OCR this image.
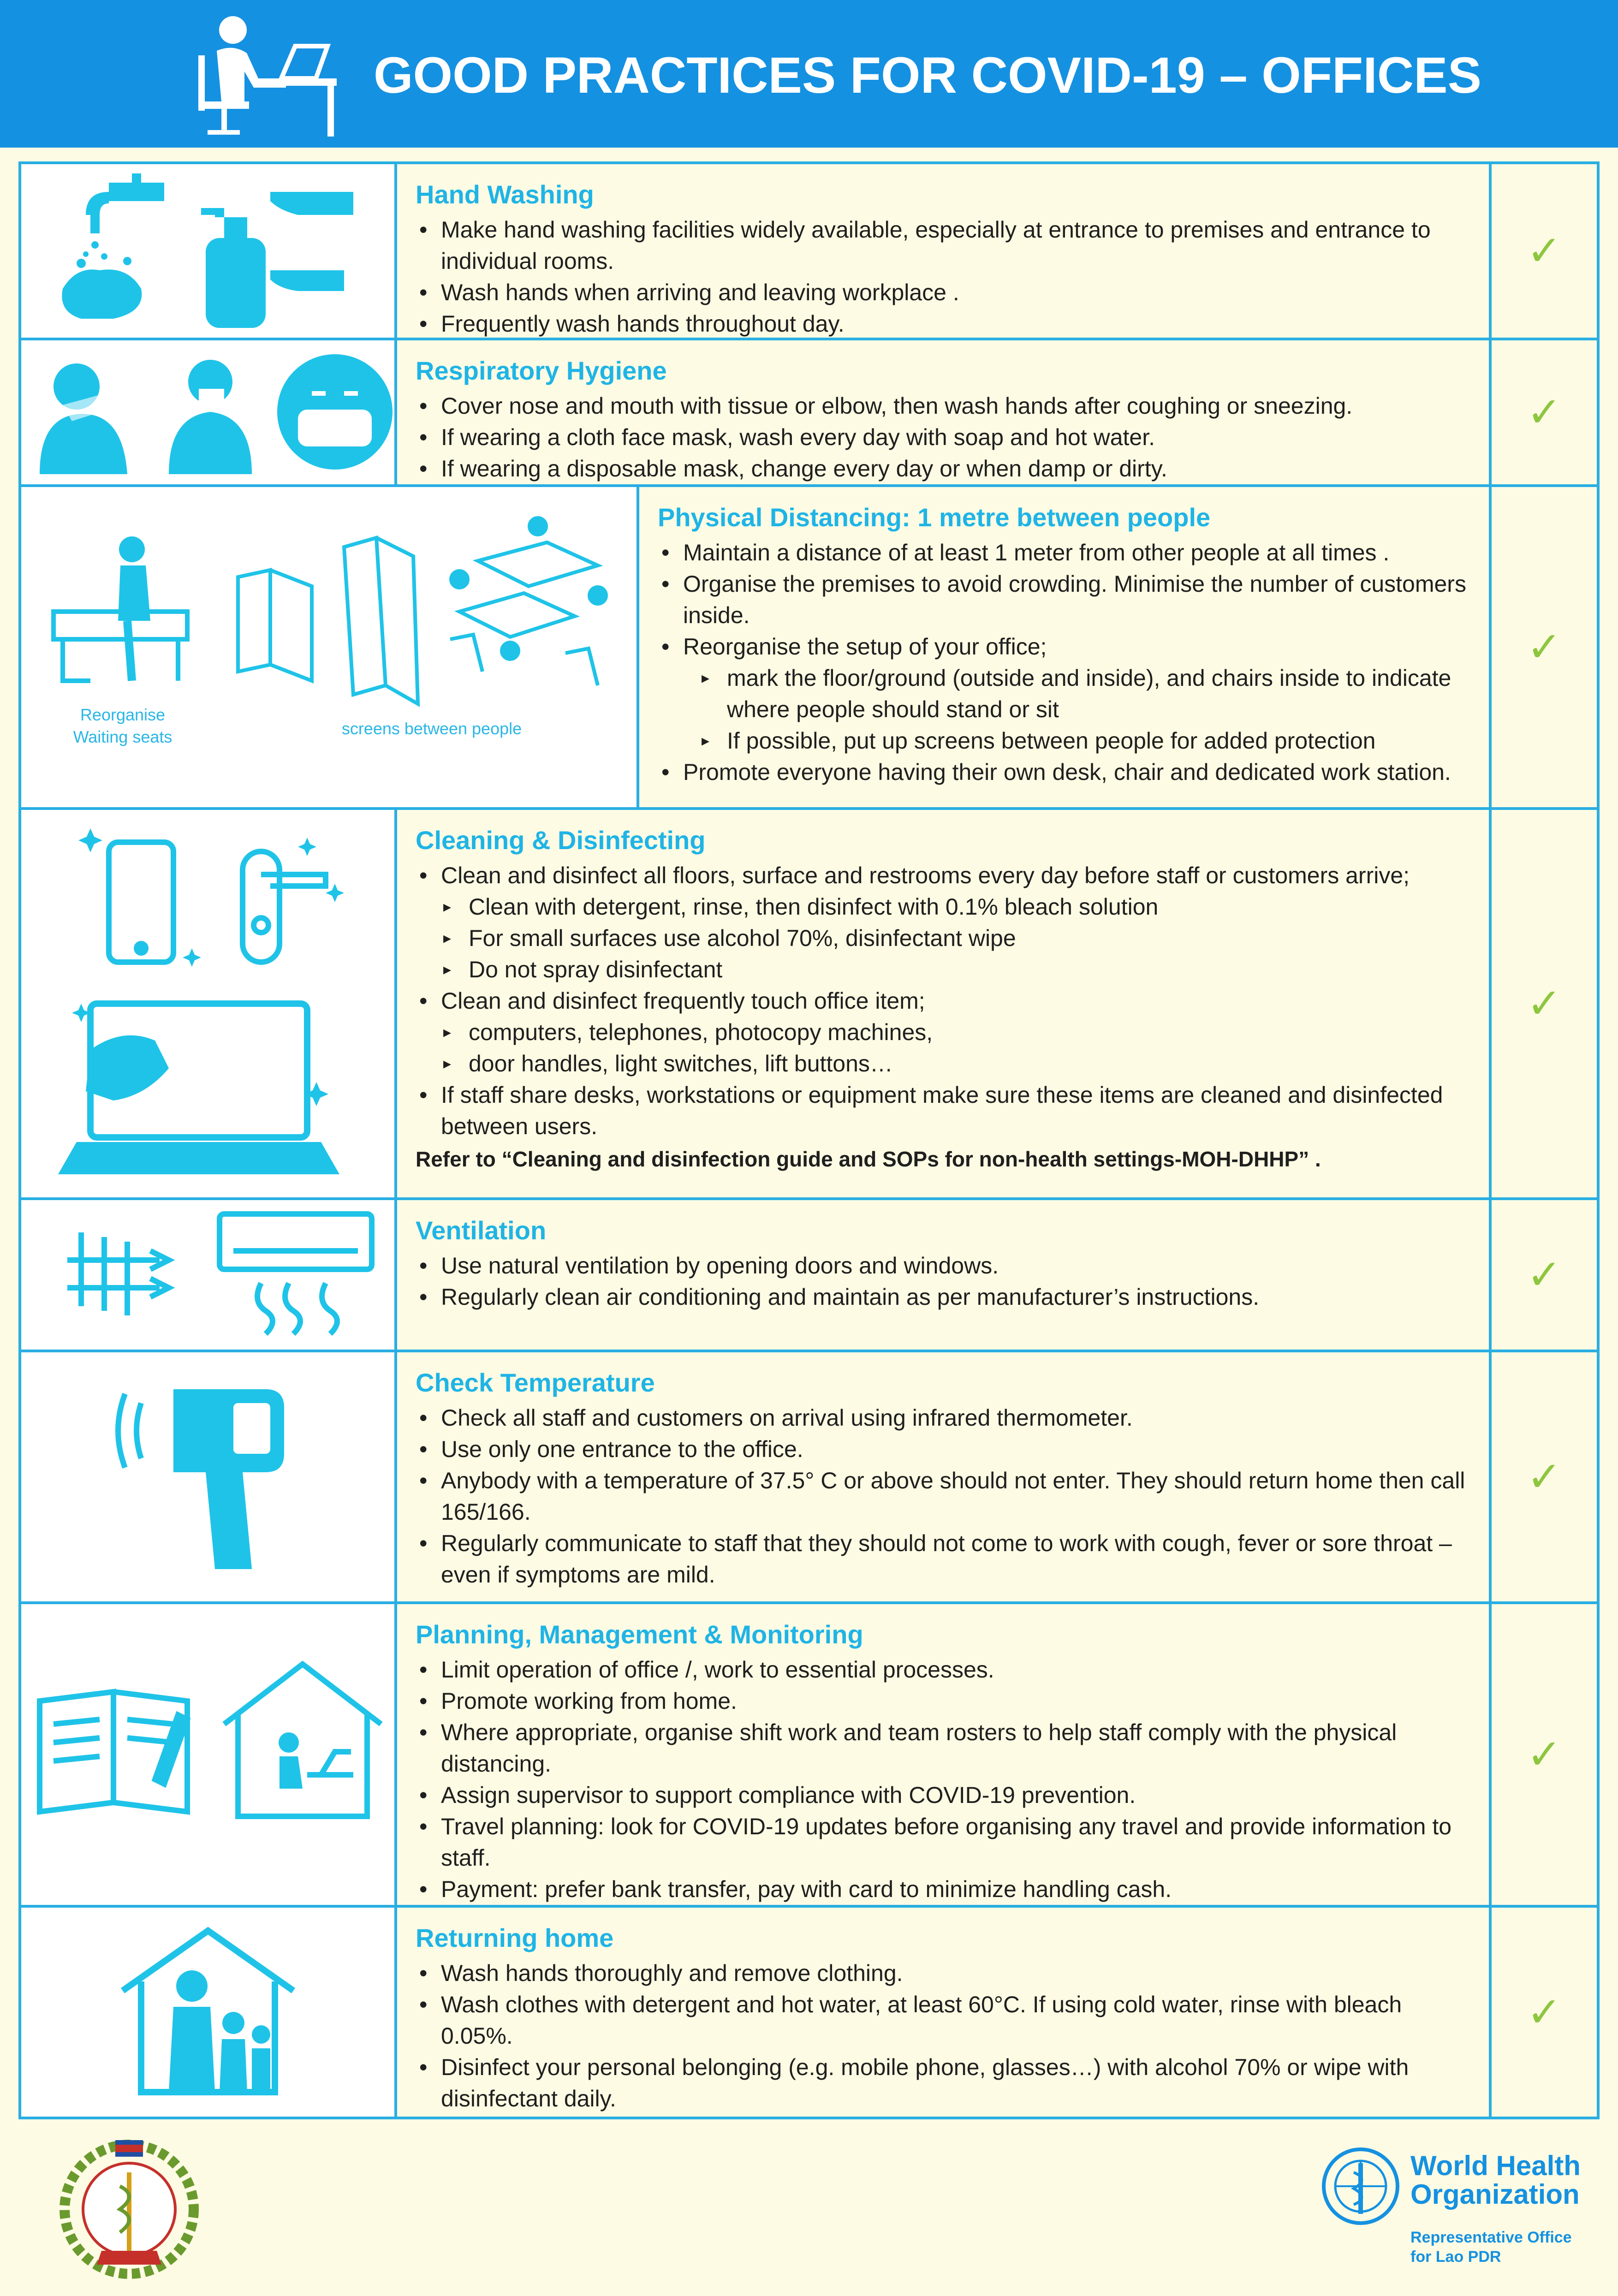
GOOD PRACTICES FOR COVID-19 – OFFICES
Hand Washing
• Make hand washing facilities widely available, especially at entrance to premises and entrance to individual rooms.
• Wash hands when arriving and leaving workplace .
• Frequently wash hands throughout day.
✓
Respiratory Hygiene
• Cover nose and mouth with tissue or elbow, then wash hands after coughing or sneezing.
• If wearing a cloth face mask, wash every day with soap and hot water.
• If wearing a disposable mask, change every day or when damp or dirty.
✓
Reorganise
Waiting seats	screens between people
Physical Distancing: 1 metre between people
• Maintain a distance of at least 1 meter from other people at all times .
• Organise the premises to avoid crowding. Minimise the number of customers inside.
• Reorganise the setup of your office;
▸ mark the floor/ground (outside and inside), and chairs inside to indicate where people should stand or sit
▸ If possible, put up screens between people for added protection
• Promote everyone having their own desk, chair and dedicated work station.
✓
Cleaning & Disinfecting
• Clean and disinfect all floors, surface and restrooms every day before staff or customers arrive;
▸ Clean with detergent, rinse, then disinfect with 0.1% bleach solution
▸ For small surfaces use alcohol 70%, disinfectant wipe
▸ Do not spray disinfectant
• Clean and disinfect frequently touch office item;
▸ computers, telephones, photocopy machines,
▸ door handles, light switches, lift buttons…
• If staff share desks, workstations or equipment make sure these items are cleaned and disinfected between users.
Refer to “Cleaning and disinfection guide and SOPs for non-health settings-MOH-DHHP” .
✓
Ventilation
• Use natural ventilation by opening doors and windows.
• Regularly clean air conditioning and maintain as per manufacturer’s instructions.	✓
Check Temperature
• Check all staff and customers on arrival using infrared thermometer.
• Use only one entrance to the office.
• Anybody with a temperature of 37.5° C or above should not enter. They should return home then call 165/166.
• Regularly communicate to staff that they should not come to work with cough, fever or sore throat – even if symptoms are mild.
✓
Planning, Management & Monitoring
• Limit operation of office /, work to essential processes.
• Promote working from home.
• Where appropriate, organise shift work and team rosters to help staff comply with the physical distancing.
• Assign supervisor to support compliance with COVID-19 prevention.
• Travel planning: look for COVID-19 updates before organising any travel and provide information to staff.
• Payment: prefer bank transfer, pay with card to minimize handling cash.
✓
Returning home
• Wash hands thoroughly and remove clothing.
• Wash clothes with detergent and hot water, at least 60°C. If using cold water, rinse with bleach 0.05%.
• Disinfect your personal belonging (e.g. mobile phone, glasses…) with alcohol 70% or wipe with disinfectant daily.
✓
World Health
Organization
Representative Office
for Lao PDR
